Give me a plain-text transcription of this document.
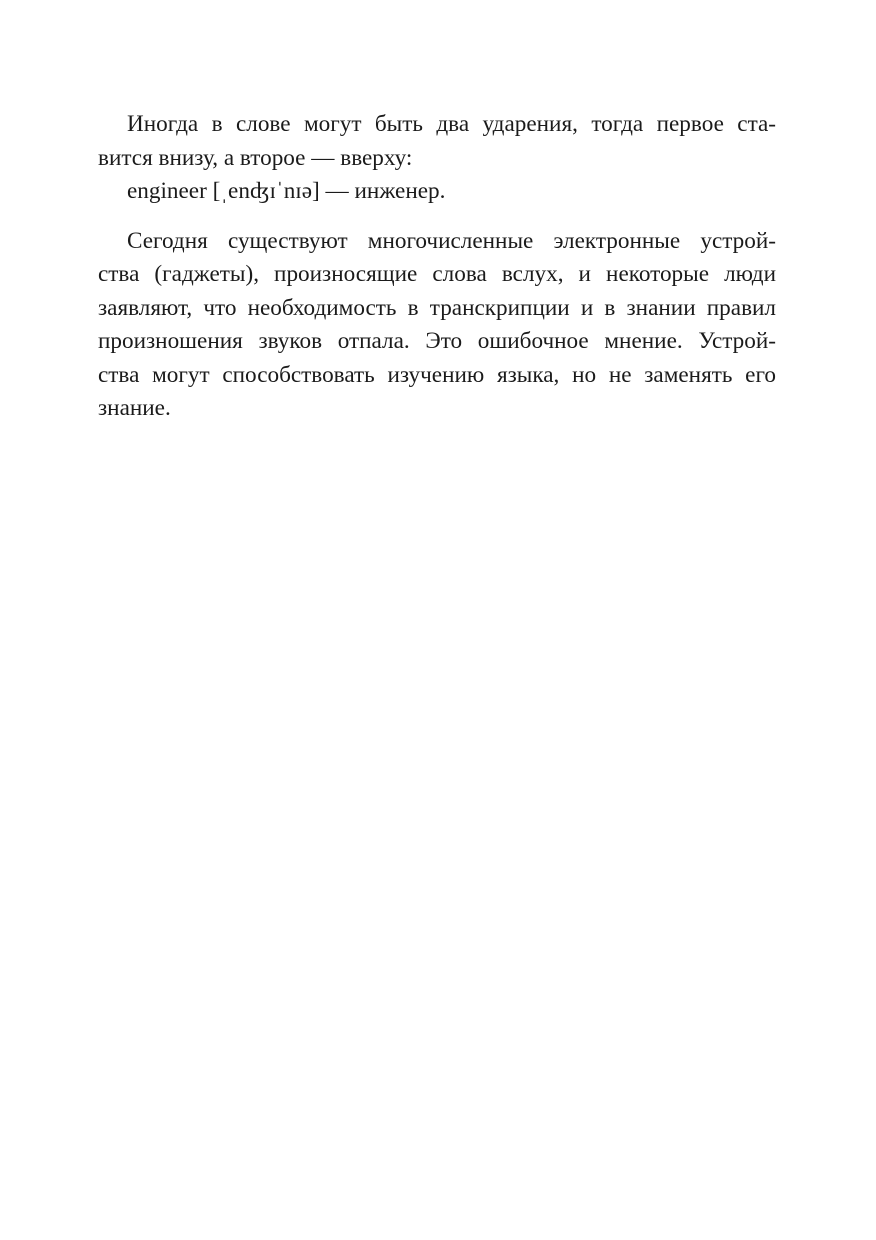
Иногда в слове могут быть два ударения, тогда первое ста-
вится внизу, а второе — вверху:
engineer [ˌenʤɪˈnɪə] — инженер.
Сегодня существуют многочисленные электронные устрой-
ства (гаджеты), произносящие слова вслух, и некоторые люди
заявляют, что необходимость в транскрипции и в знании правил
произношения звуков отпала. Это ошибочное мнение. Устрой-
ства могут способствовать изучению языка, но не заменять его
знание.
